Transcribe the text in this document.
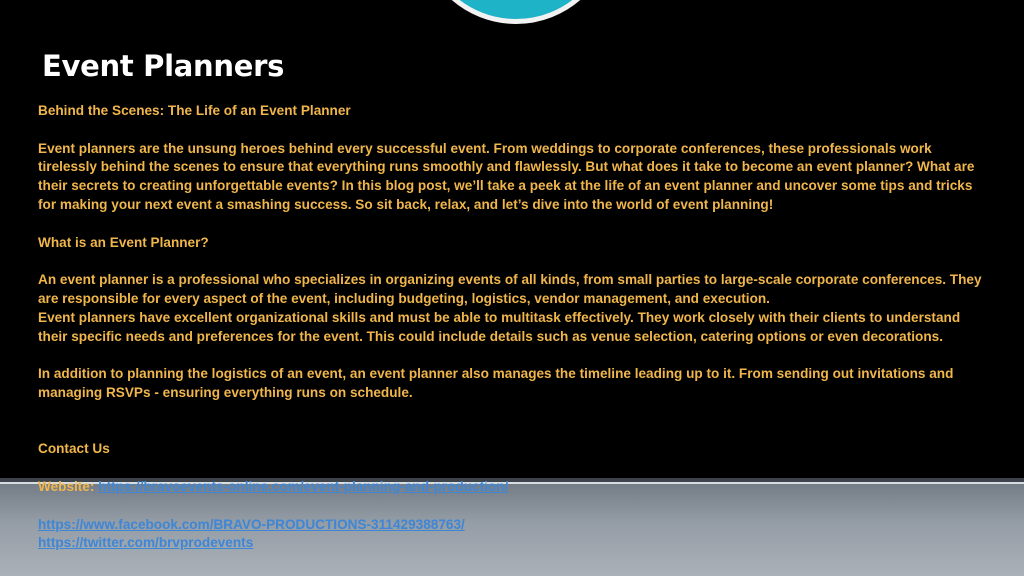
Event Planners

Behind the Scenes: The Life of an Event Planner

Event planners are the unsung heroes behind every successful event. From weddings to corporate conferences, these professionals work tirelessly behind the scenes to ensure that everything runs smoothly and flawlessly. But what does it take to become an event planner? What are their secrets to creating unforgettable events? In this blog post, we’ll take a peek at the life of an event planner and uncover some tips and tricks for making your next event a smashing success. So sit back, relax, and let’s dive into the world of event planning!

What is an Event Planner?

An event planner is a professional who specializes in organizing events of all kinds, from small parties to large-scale corporate conferences. They are responsible for every aspect of the event, including budgeting, logistics, vendor management, and execution.

Event planners have excellent organizational skills and must be able to multitask effectively. They work closely with their clients to understand their specific needs and preferences for the event. This could include details such as venue selection, catering options or even decorations.

In addition to planning the logistics of an event, an event planner also manages the timeline leading up to it. From sending out invitations and managing RSVPs - ensuring everything runs on schedule.

Contact Us

Website: https://bravoevents-online.com/event-planning-and-production/

https://www.facebook.com/BRAVO-PRODUCTIONS-311429388763/

https://twitter.com/brvprodevents
